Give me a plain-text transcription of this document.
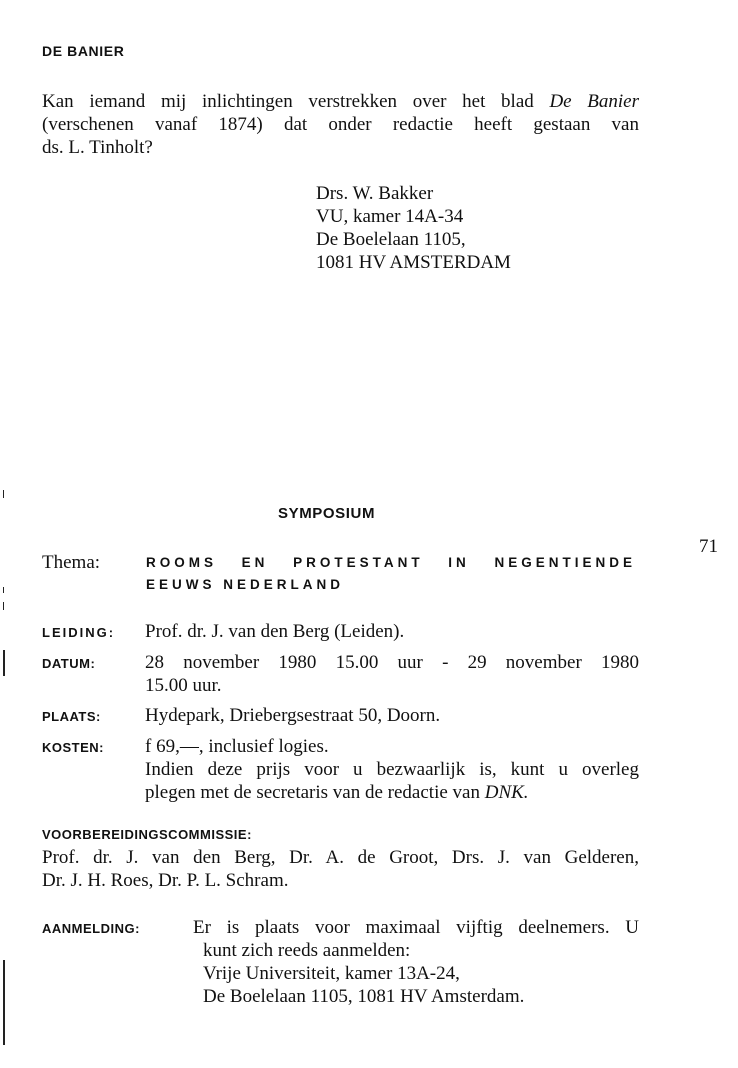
DE BANIER
Kan iemand mij inlichtingen verstrekken over het blad De Banier
(verschenen vanaf 1874) dat onder redactie heeft gestaan van
ds. L. Tinholt?
Drs. W. Bakker
VU, kamer 14A-34
De Boelelaan 1105,
1081 HV AMSTERDAM
SYMPOSIUM
71
Thema:	ROOMS EN PROTESTANT IN NEGENTIENDE
EEUWS NEDERLAND
LEIDING: Prof. dr. J. van den Berg (Leiden).
DATUM:	28 november 1980 15.00 uur - 29 november 1980
15.00 uur.
PLAATS: Hydepark, Driebergsestraat 50, Doorn.
KOSTEN: f 69,—, inclusief logies.
Indien deze prijs voor u bezwaarlijk is, kunt u overleg
plegen met de secretaris van de redactie van DNK.
VOORBEREIDINGSCOMMISSIE:
Prof. dr. J. van den Berg, Dr. A. de Groot, Drs. J. van Gelderen,
Dr. J. H. Roes, Dr. P. L. Schram.
AANMELDING:	Er is plaats voor maximaal vijftig deelnemers. U
kunt zich reeds aanmelden:
Vrije Universiteit, kamer 13A-24,
De Boelelaan 1105, 1081 HV Amsterdam.
